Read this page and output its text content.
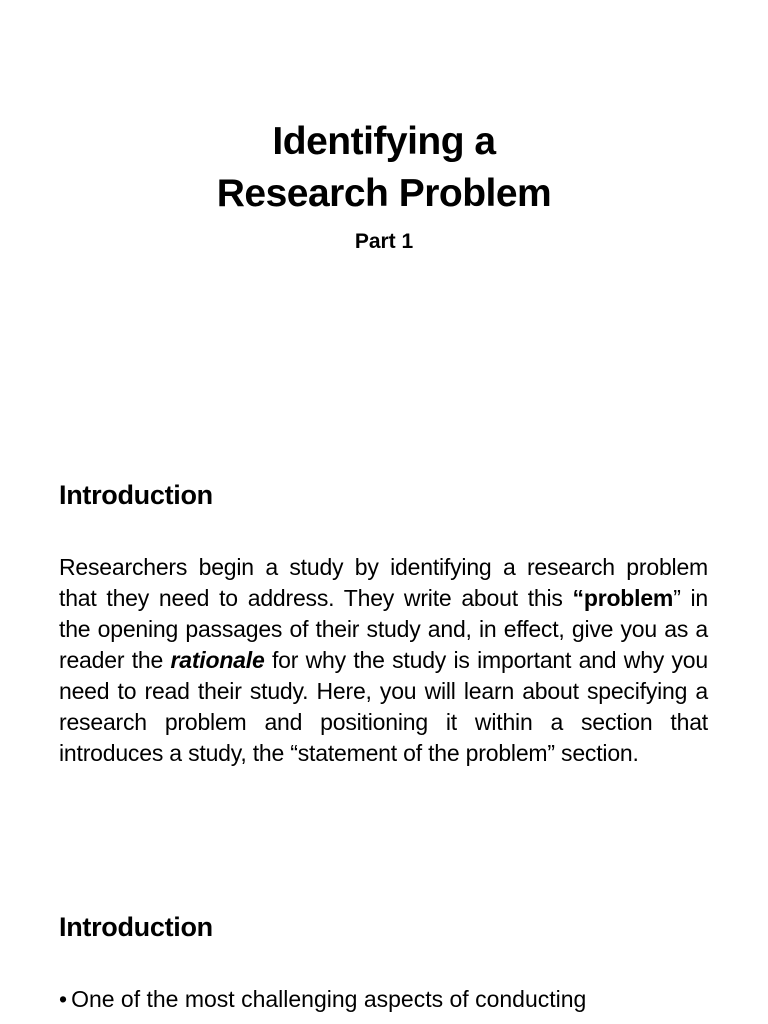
Identifying a
Research Problem
Part 1
Introduction
Researchers begin a study by identifying a research problem that they need to address. They write about this “problem” in the opening passages of their study and, in effect, give you as a reader the rationale for why the study is important and why you need to read their study. Here, you will learn about specifying a research problem and positioning it within a section that introduces a study, the “statement of the problem” section.
Introduction
• One of the most challenging aspects of conducting
